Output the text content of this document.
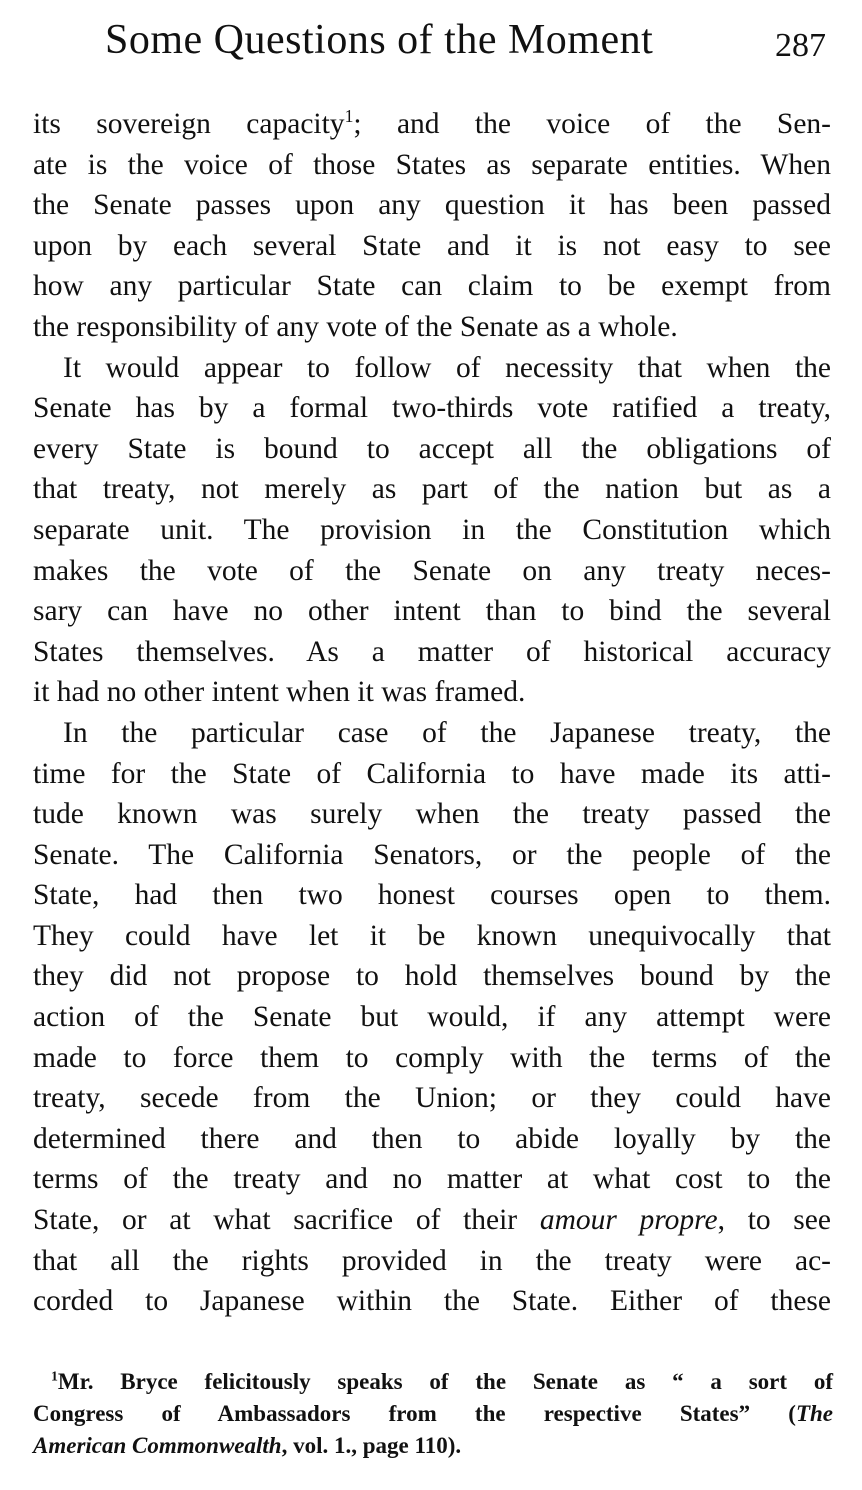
Some Questions of the Moment	287
its sovereign capacity$^1$; and the voice of the Sen-
ate is the voice of those States as separate entities. When
the Senate passes upon any question it has been passed
upon by each several State and it is not easy to see
how any particular State can claim to be exempt from
the responsibility of any vote of the Senate as a whole.
It would appear to follow of necessity that when the
Senate has by a formal two-thirds vote ratified a treaty,
every State is bound to accept all the obligations of
that treaty, not merely as part of the nation but as a
separate unit. The provision in the Constitution which
makes the vote of the Senate on any treaty neces-
sary can have no other intent than to bind the several
States themselves. As a matter of historical accuracy
it had no other intent when it was framed.
In the particular case of the Japanese treaty, the
time for the State of California to have made its atti-
tude known was surely when the treaty passed the
Senate. The California Senators, or the people of the
State, had then two honest courses open to them.
They could have let it be known unequivocally that
they did not propose to hold themselves bound by the
action of the Senate but would, if any attempt were
made to force them to comply with the terms of the
treaty, secede from the Union; or they could have
determined there and then to abide loyally by the
terms of the treaty and no matter at what cost to the
State, or at what sacrifice of their amour propre, to see
that all the rights provided in the treaty were ac-
corded to Japanese within the State. Either of these
$^1$Mr. Bryce felicitously speaks of the Senate as “ a sort of
Congress of Ambassadors from the respective States” (The
American Commonwealth, vol. 1., page 110).
